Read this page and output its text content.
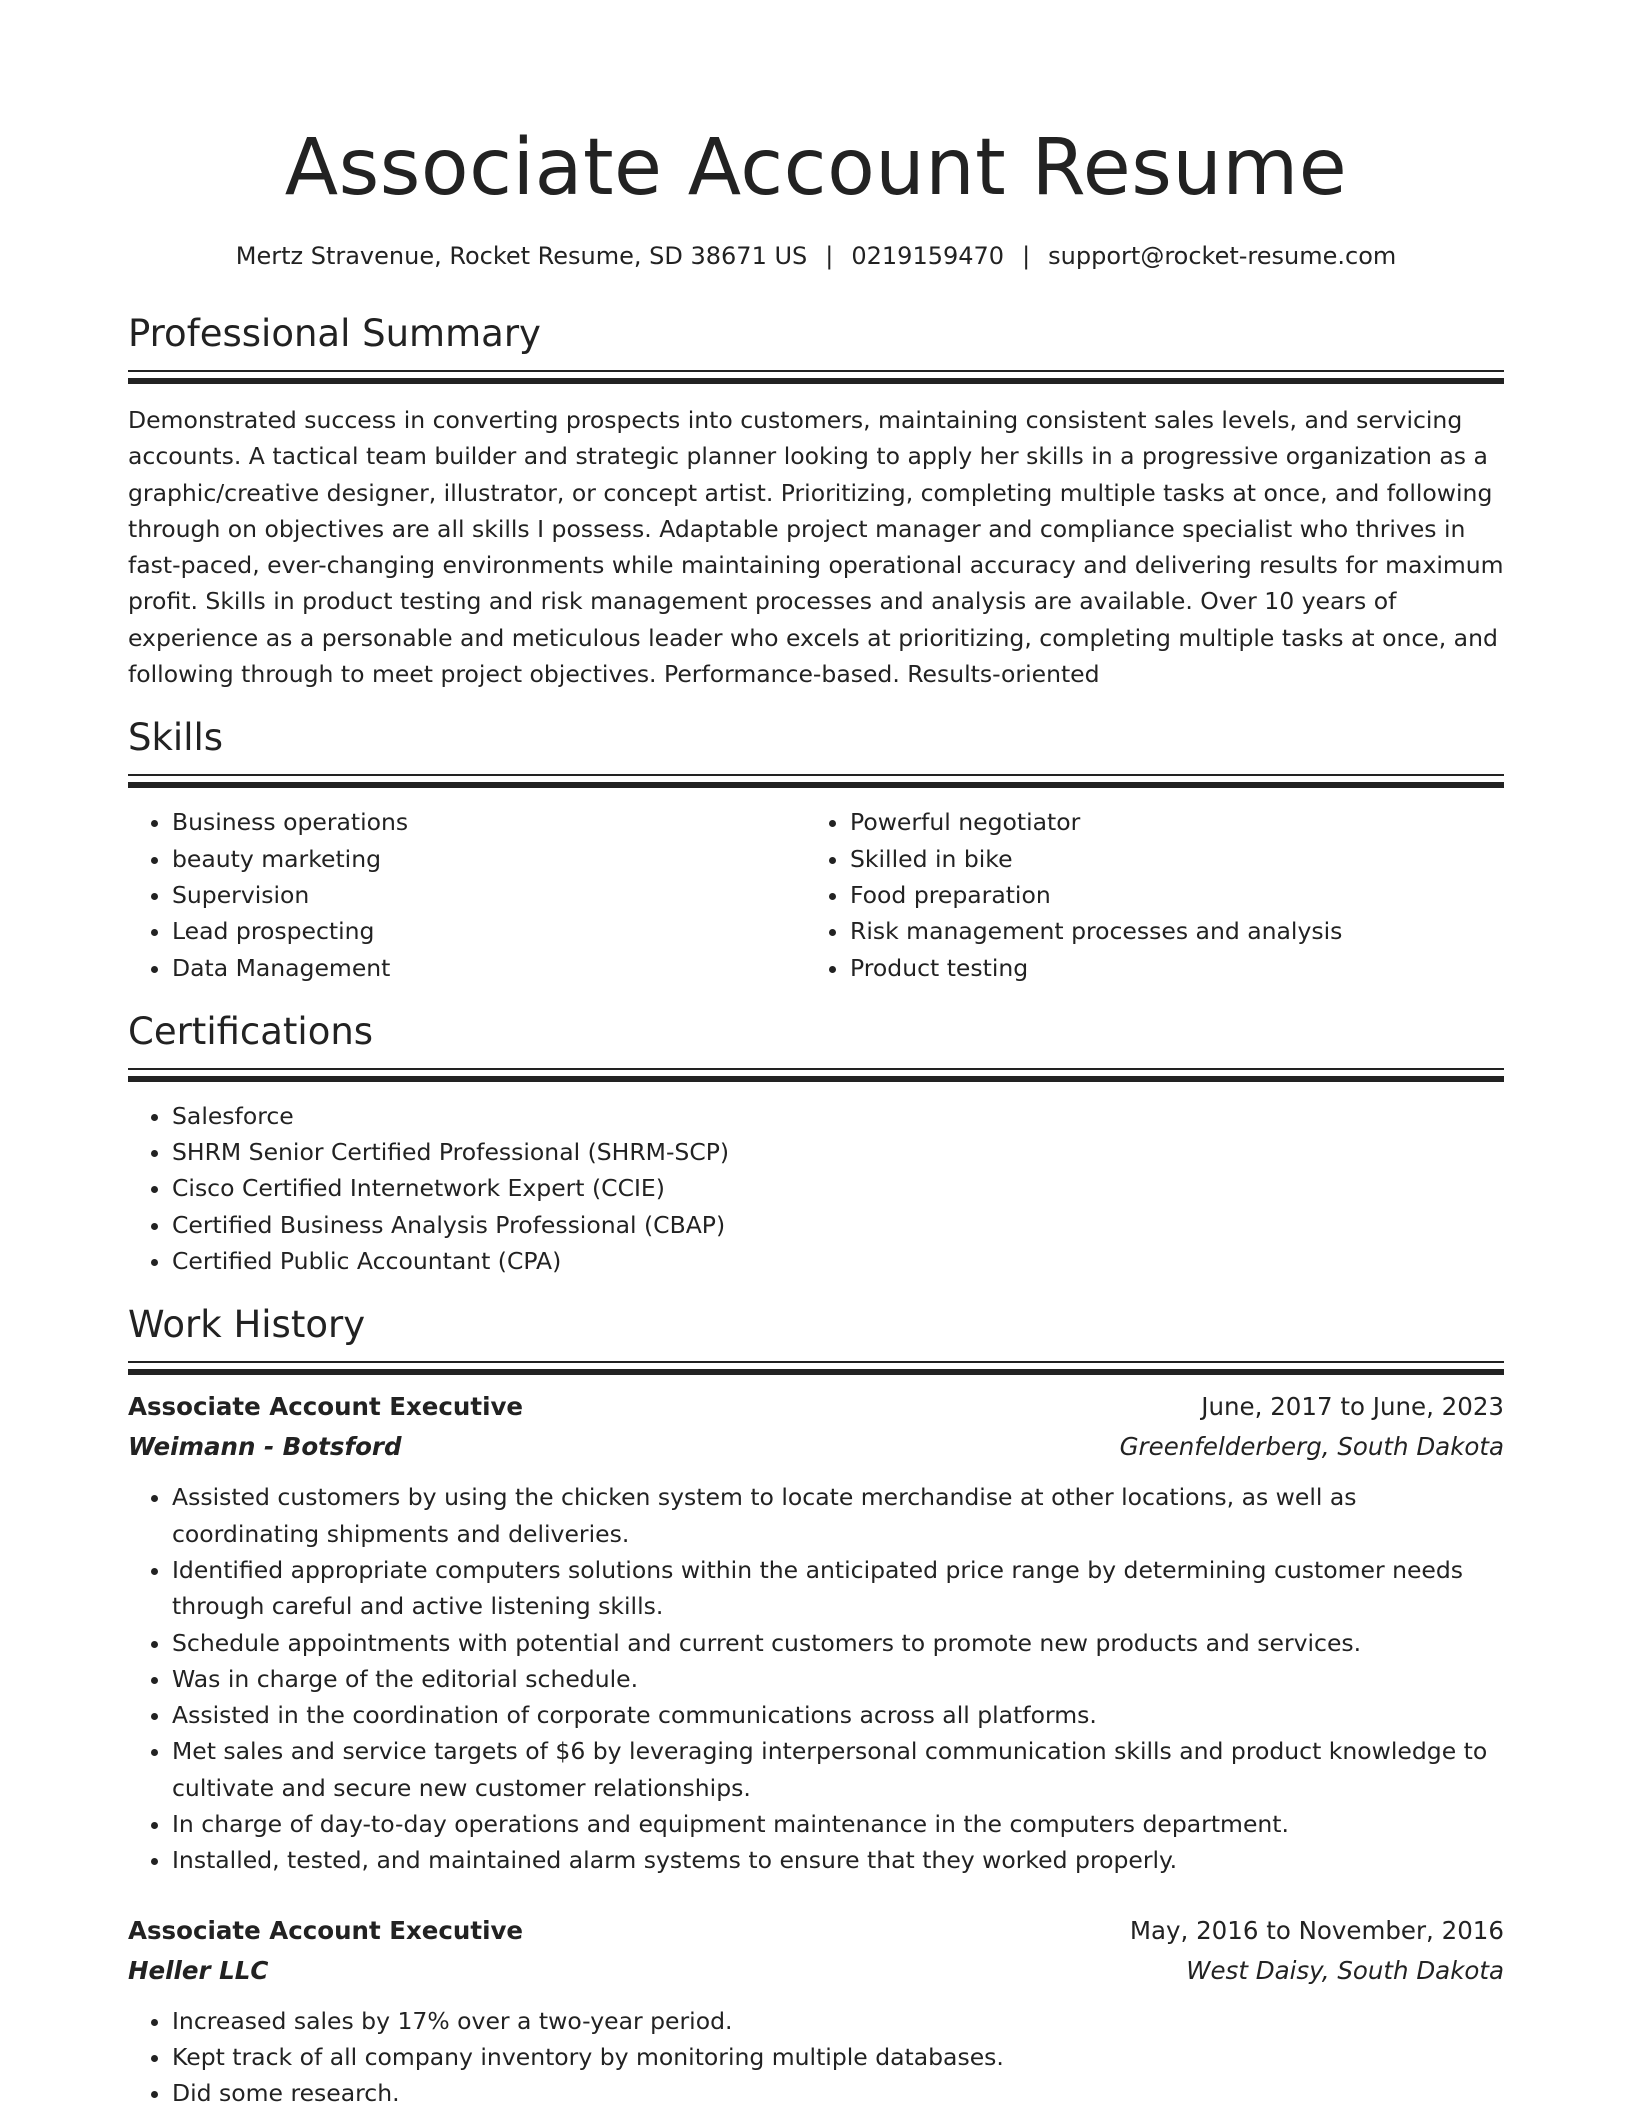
Associate Account Resume
Mertz Stravenue, Rocket Resume, SD 38671 US | 0219159470 | support@rocket-resume.com
Professional Summary

Demonstrated success in converting prospects into customers, maintaining consistent sales levels, and servicing accounts. A tactical team builder and strategic planner looking to apply her skills in a progressive organization as a graphic/creative designer, illustrator, or concept artist. Prioritizing, completing multiple tasks at once, and following through on objectives are all skills I possess. Adaptable project manager and compliance specialist who thrives in fast-paced, ever-changing environments while maintaining operational accuracy and delivering results for maximum profit. Skills in product testing and risk management processes and analysis are available. Over 10 years of experience as a personable and meticulous leader who excels at prioritizing, completing multiple tasks at once, and following through to meet project objectives. Performance-based. Results-oriented

Skills
• Business operations
• beauty marketing
• Supervision
• Lead prospecting
• Data Management
• Powerful negotiator
• Skilled in bike
• Food preparation
• Risk management processes and analysis
• Product testing
Certifications
• Salesforce
• SHRM Senior Certified Professional (SHRM-SCP)
• Cisco Certified Internetwork Expert (CCIE)
• Certified Business Analysis Professional (CBAP)
• Certified Public Accountant (CPA)
Work History
Associate Account Executive	June, 2017 to June, 2023
Weimann - Botsford	Greenfelderberg, South Dakota
• Assisted customers by using the chicken system to locate merchandise at other locations, as well as coordinating shipments and deliveries.
• Identified appropriate computers solutions within the anticipated price range by determining customer needs through careful and active listening skills.
• Schedule appointments with potential and current customers to promote new products and services.
• Was in charge of the editorial schedule.
• Assisted in the coordination of corporate communications across all platforms.
• Met sales and service targets of $6 by leveraging interpersonal communication skills and product knowledge to cultivate and secure new customer relationships.
• In charge of day-to-day operations and equipment maintenance in the computers department.
• Installed, tested, and maintained alarm systems to ensure that they worked properly.
Associate Account Executive	May, 2016 to November, 2016
Heller LLC	West Daisy, South Dakota
• Increased sales by 17% over a two-year period.
• Kept track of all company inventory by monitoring multiple databases.
• Did some research.
